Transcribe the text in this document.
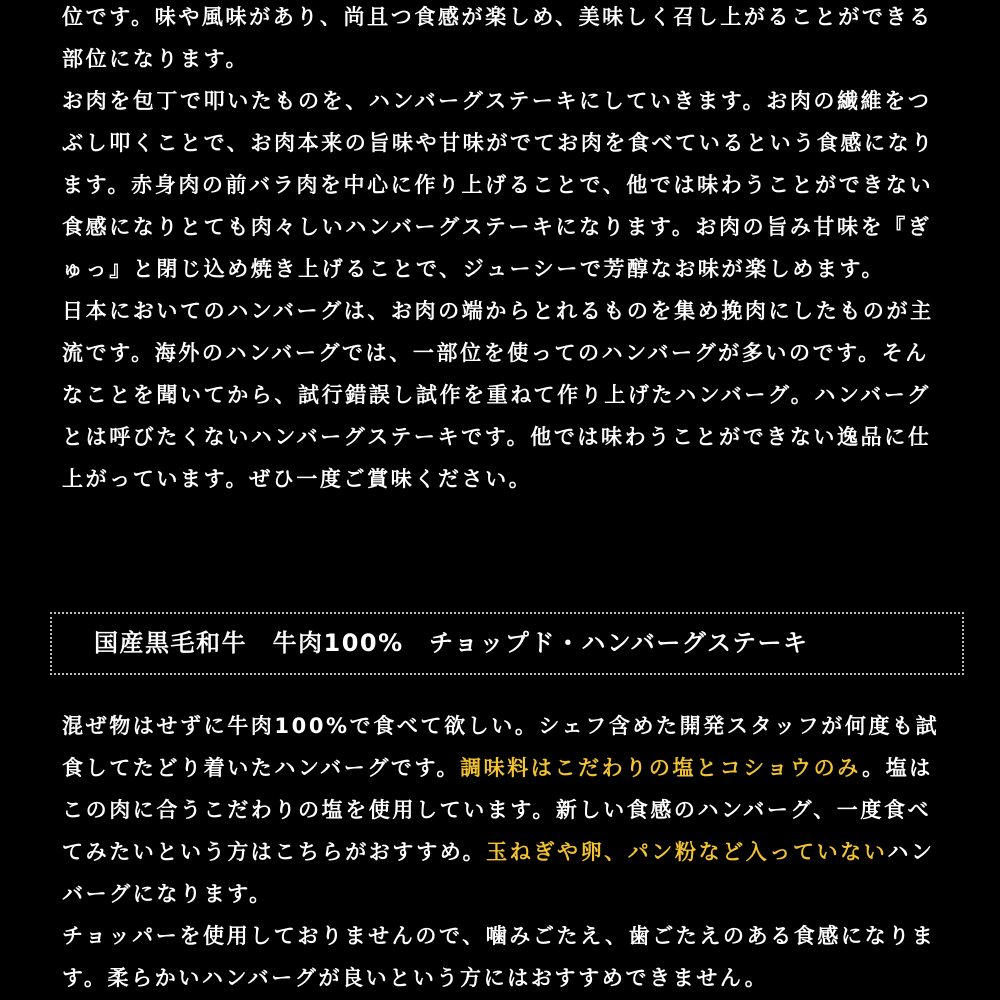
位です。味や風味があり、尚且つ食感が楽しめ、美味しく召し上がることができる部位になります。

お肉を包丁で叩いたものを、ハンバーグステーキにしていきます。お肉の繊維をつぶし叩くことで、お肉本来の旨味や甘味がでてお肉を食べているという食感になります。赤身肉の前バラ肉を中心に作り上げることで、他では味わうことができない食感になりとても肉々しいハンバーグステーキになります。お肉の旨み甘味を『ぎゅっ』と閉じ込め焼き上げることで、ジューシーで芳醇なお味が楽しめます。

日本においてのハンバーグは、お肉の端からとれるものを集め挽肉にしたものが主流です。海外のハンバーグでは、一部位を使ってのハンバーグが多いのです。そんなことを聞いてから、試行錯誤し試作を重ねて作り上げたハンバーグ。ハンバーグとは呼びたくないハンバーグステーキです。他では味わうことができない逸品に仕上がっています。ぜひ一度ご賞味ください。

国産黒毛和牛　牛肉100%　チョップド・ハンバーグステーキ

混ぜ物はせずに牛肉100%で食べて欲しい。シェフ含めた開発スタッフが何度も試食してたどり着いたハンバーグです。調味料はこだわりの塩とコショウのみ。塩はこの肉に合うこだわりの塩を使用しています。新しい食感のハンバーグ、一度食べてみたいという方はこちらがおすすめ。玉ねぎや卵、パン粉など入っていないハンバーグになります。

チョッパーを使用しておりませんので、噛みごたえ、歯ごたえのある食感になります。柔らかいハンバーグが良いという方にはおすすめできません。
